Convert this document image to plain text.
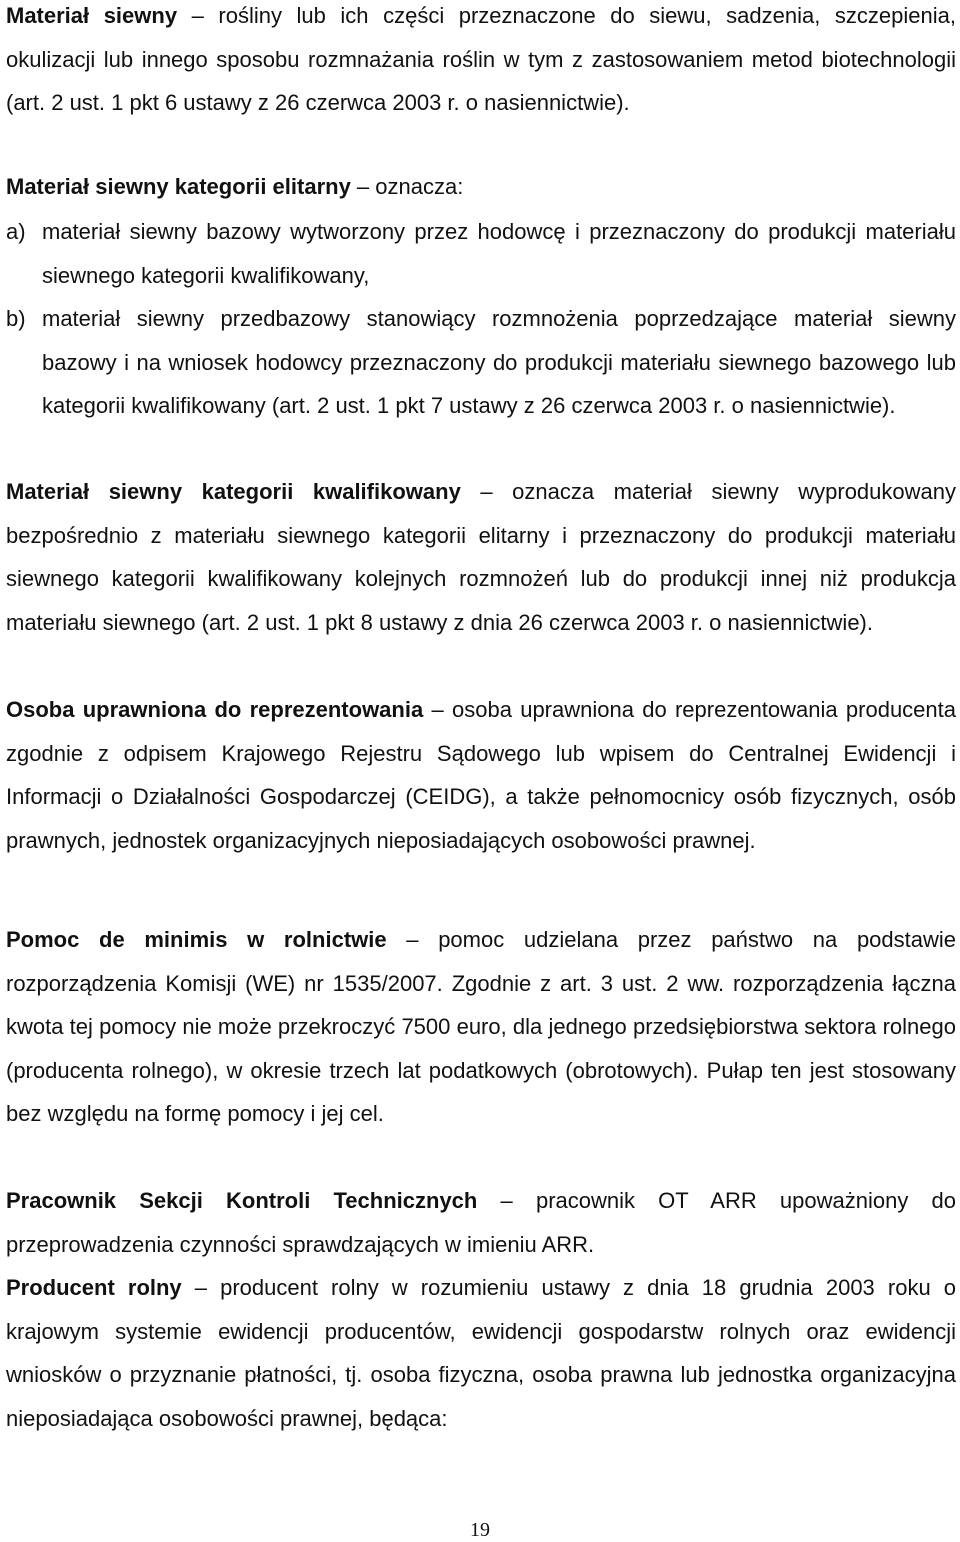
Materiał siewny – rośliny lub ich części przeznaczone do siewu, sadzenia, szczepienia, okulizacji lub innego sposobu rozmnażania roślin w tym z zastosowaniem metod biotechnologii (art. 2 ust. 1 pkt 6 ustawy z 26 czerwca 2003 r. o nasiennictwie).

Materiał siewny kategorii elitarny – oznacza:

a) materiał siewny bazowy wytworzony przez hodowcę i przeznaczony do produkcji materiału siewnego kategorii kwalifikowany,

b) materiał siewny przedbazowy stanowiący rozmnożenia poprzedzające materiał siewny bazowy i na wniosek hodowcy przeznaczony do produkcji materiału siewnego bazowego lub kategorii kwalifikowany (art. 2 ust. 1 pkt 7 ustawy z 26 czerwca 2003 r. o nasiennictwie).

Materiał siewny kategorii kwalifikowany – oznacza materiał siewny wyprodukowany bezpośrednio z materiału siewnego kategorii elitarny i przeznaczony do produkcji materiału siewnego kategorii kwalifikowany kolejnych rozmnożeń lub do produkcji innej niż produkcja materiału siewnego (art. 2 ust. 1 pkt 8 ustawy z dnia 26 czerwca 2003 r. o nasiennictwie).

Osoba uprawniona do reprezentowania – osoba uprawniona do reprezentowania producenta zgodnie z odpisem Krajowego Rejestru Sądowego lub wpisem do Centralnej Ewidencji i Informacji o Działalności Gospodarczej (CEIDG), a także pełnomocnicy osób fizycznych, osób prawnych, jednostek organizacyjnych nieposiadających osobowości prawnej.

Pomoc de minimis w rolnictwie – pomoc udzielana przez państwo na podstawie rozporządzenia Komisji (WE) nr 1535/2007. Zgodnie z art. 3 ust. 2 ww. rozporządzenia łączna kwota tej pomocy nie może przekroczyć 7500 euro, dla jednego przedsiębiorstwa sektora rolnego (producenta rolnego), w okresie trzech lat podatkowych (obrotowych). Pułap ten jest stosowany bez względu na formę pomocy i jej cel.

Pracownik Sekcji Kontroli Technicznych – pracownik OT ARR upoważniony do przeprowadzenia czynności sprawdzających w imieniu ARR.

Producent rolny – producent rolny w rozumieniu ustawy z dnia 18 grudnia 2003 roku o krajowym systemie ewidencji producentów, ewidencji gospodarstw rolnych oraz ewidencji wniosków o przyznanie płatności, tj. osoba fizyczna, osoba prawna lub jednostka organizacyjna nieposiadająca osobowości prawnej, będąca:

19
